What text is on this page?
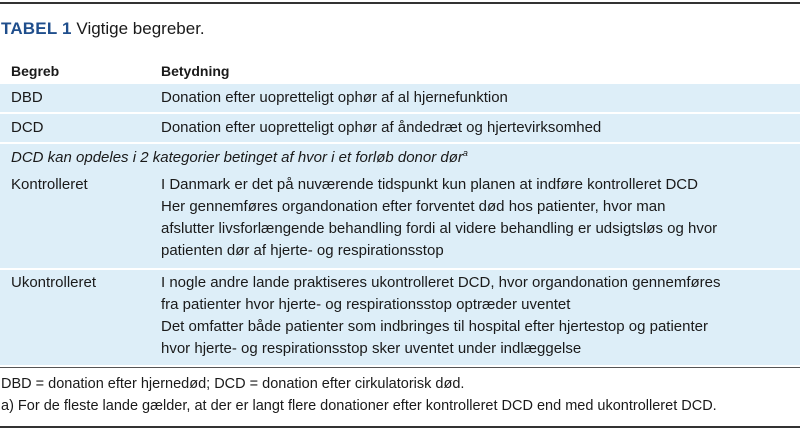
TABEL 1 Vigtige begreber.
Begreb	Betydning
DBD	Donation efter uopretteligt ophør af al hjernefunktion
DCD	Donation efter uopretteligt ophør af åndedræt og hjertevirksomhed
DCD kan opdeles i 2 kategorier betinget af hvor i et forløb donor dør$^a$
Kontrolleret	I Danmark er det på nuværende tidspunkt kun planen at indføre kontrolleret DCD
Her gennemføres organdonation efter forventet død hos patienter, hvor man
afslutter livsforlængende behandling fordi al videre behandling er udsigtsløs og hvor
patienten dør af hjerte- og respirationsstop
Ukontrolleret	I nogle andre lande praktiseres ukontrolleret DCD, hvor organdonation gennemføres
fra patienter hvor hjerte- og respirationsstop optræder uventet
Det omfatter både patienter som indbringes til hospital efter hjertestop og patienter
hvor hjerte- og respirationsstop sker uventet under indlæggelse
DBD = donation efter hjernedød; DCD = donation efter cirkulatorisk død.
a) For de fleste lande gælder, at der er langt flere donationer efter kontrolleret DCD end med ukontrolleret DCD.
